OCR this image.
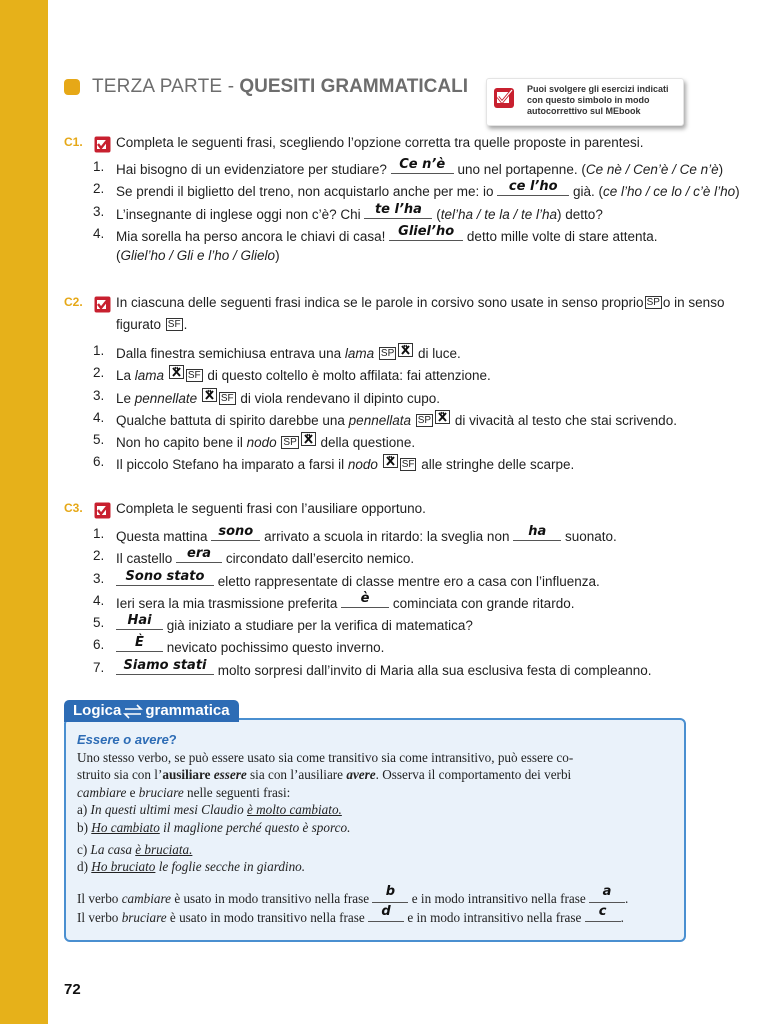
72
TERZA PARTE - QUESITI GRAMMATICALI	Puoi svolgere gli esercizi indicati
con questo simbolo in modo
autocorrettivo sul MEbook
C1.	Completa le seguenti frasi, scegliendo l’opzione corretta tra quelle proposte in parentesi.
1. Hai bisogno di un evidenziatore per studiare? Ce n’è uno nel portapenne. (Ce nè / Cen’è / Ce n’è)
2. Se prendi il biglietto del treno, non acquistarlo anche per me: io	ce l’ho	già. (ce l’ho / ce lo / c’è l’ho)
3. L’insegnante di inglese oggi non c’è? Chi	te l’ha	(tel’ha / te la / te l’ha) detto?
4. Mia sorella ha perso ancora le chiavi di casa! Gliel’ho detto mille volte di stare attenta.
(Gliel’ho / Gli e l’ho / Glielo)
C2.	In ciascuna delle seguenti frasi indica se le parole in corsivo sono usate in senso proprio SP o in senso
figurato SF .
1. Dalla finestra semichiusa entrava una lama SP
di luce.
2. La lama SF di questo coltello è molto affilata: fai attenzione.
3. Le pennellate SF di viola rendevano il dipinto cupo.
4. Qualche battuta di spirito darebbe una pennellata SP
di vivacità al testo che stai scrivendo.
5. Non ho capito bene il nodo SP
della questione.
6. Il piccolo Stefano ha imparato a farsi il nodo SF alle stringhe delle scarpe.
C3.	Completa le seguenti frasi con l’ausiliare opportuno.
1. Questa mattina sono arrivato a scuola in ritardo: la sveglia non	ha	suonato.
2. Il castello	era	circondato dall’esercito nemico.
3.	Sono stato eletto rappresentate di classe mentre ero a casa con l’influenza.
4. Ieri sera la mia trasmissione preferita	è	cominciata con grande ritardo.
5.	Hai	già iniziato a studiare per la verifica di matematica?
6.	È	nevicato pochissimo questo inverno.
7.	Siamo stati molto sorpresi dall’invito di Maria alla sua esclusiva festa di compleanno.
Logica grammatica
Essere o avere?
Uno stesso verbo, se può essere usato sia come transitivo sia come intransitivo, può essere co-
struito sia con l’ausiliare essere sia con l’ausiliare avere. Osserva il comportamento dei verbi
cambiare e bruciare nelle seguenti frasi:
a) In questi ultimi mesi Claudio è molto cambiato.
b) Ho cambiato il maglione perché questo è sporco.
c) La casa è bruciata.
d) Ho bruciato le foglie secche in giardino.
Il verbo cambiare è usato in modo transitivo nella frase	b	e in modo intransitivo nella frase	a	.
Il verbo bruciare è usato in modo transitivo nella frase	d	e in modo intransitivo nella frase	c	.
